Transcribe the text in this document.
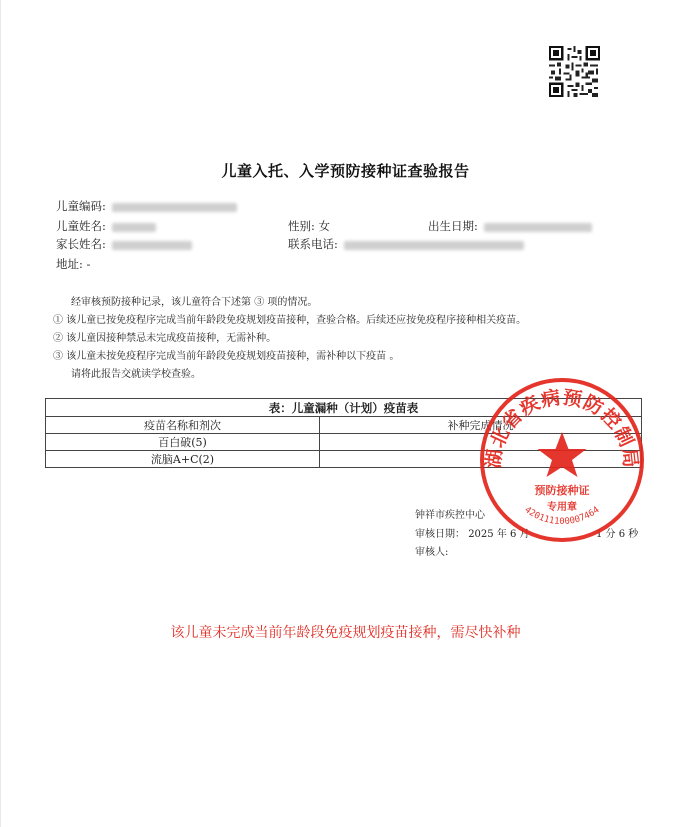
儿童入托、入学预防接种证查验报告
儿童编码:
儿童姓名:	性别: 女	出生日期:
家长姓名:	联系电话:
地址: -
经审核预防接种记录，该儿童符合下述第 ③ 项的情况。
① 该儿童已按免疫程序完成当前年龄段免疫规划疫苗接种，查验合格。后续还应按免疫程序接种相关疫苗。
② 该儿童因接种禁忌未完成疫苗接种，无需补种。
③ 该儿童未按免疫程序完成当前年龄段免疫规划疫苗接种，需补种以下疫苗 。
请将此报告交就读学校查验。
表：儿童漏种（计划）疫苗表	
疫苗名称和剂次	补种完成情况
百白破(5)	
流脑A+C(2)	
钟祥市疾控中心
审核日期： 2025 年 6 月	1 分 6 秒
审核人:
湖北省疾病预防控制局
预防接种证
专用章
420111100007464
该儿童未完成当前年龄段免疫规划疫苗接种，需尽快补种
